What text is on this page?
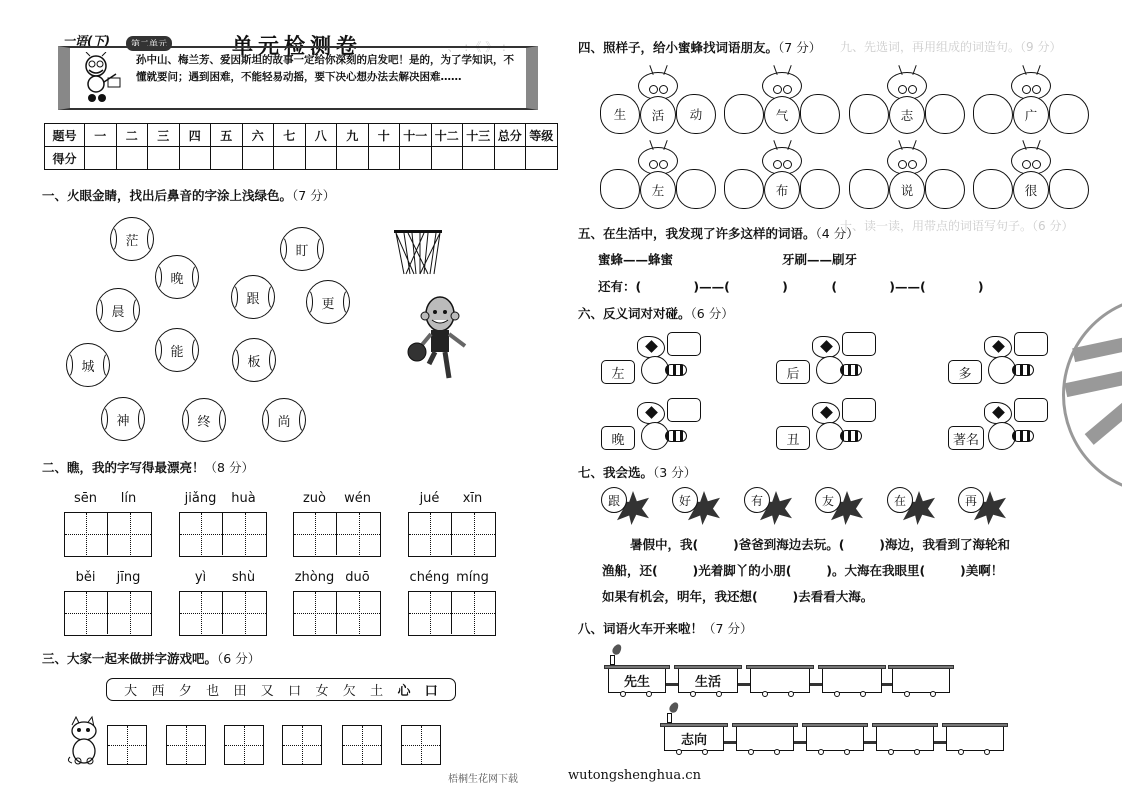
· 、 ：《 》 ：	九、先选词，再用组成的词造句。（9 分）
十、读一读，用带点的词语写句子。（6 分）
一语(下)	第二单元	单元检测卷
孙中山、梅兰芳、爱因斯坦的故事一定给你深刻的启发吧！是的，为了学知识，不懂就要问；遇到困难，不能轻易动摇，要下决心想办法去解决困难……
题号	一	二	三	四	五	六	七	八	九	十	十一	十二	十三	总分	等级
得分															
一、火眼金睛，找出后鼻音的字涂上浅绿色。（7 分）
茫
晚
晨
城
能
跟
板
盯
更
神	终	尚
二、瞧，我的字写得最漂亮！（8 分）
sēn	lín	jiǎng	huà	zuò	wén	jué	xīn
běi	jīng	yì	shù	zhòng duō	chéng míng
三、大家一起来做拼字游戏吧。（6 分）
大 西 夕 也 田 又 口 女 欠 土 心 口
四、照样子，给小蜜蜂找词语朋友。（7 分）
生	动
活	气	志	广
左	布	说	很
五、在生活中，我发现了许多这样的词语。（4 分）
蜜蜂——蜂蜜	牙刷——刷牙
还有：(            )——(            )          (            )——(            )
六、反义词对对碰。（6 分）
左	后	多
晚	丑	著名
七、我会选。（3 分）
跟	好	有	友	在	再
暑假中，我(        )爸爸到海边去玩。(        )海边，我看到了海轮和
渔船，还(        )光着脚丫的小朋(        )。大海在我眼里(        )美啊！
如果有机会，明年，我还想(        )去看看大海。
八、词语火车开来啦！（7 分）
先生	生活
志向
梧桐生花网下载	wutongshenghua.cn
